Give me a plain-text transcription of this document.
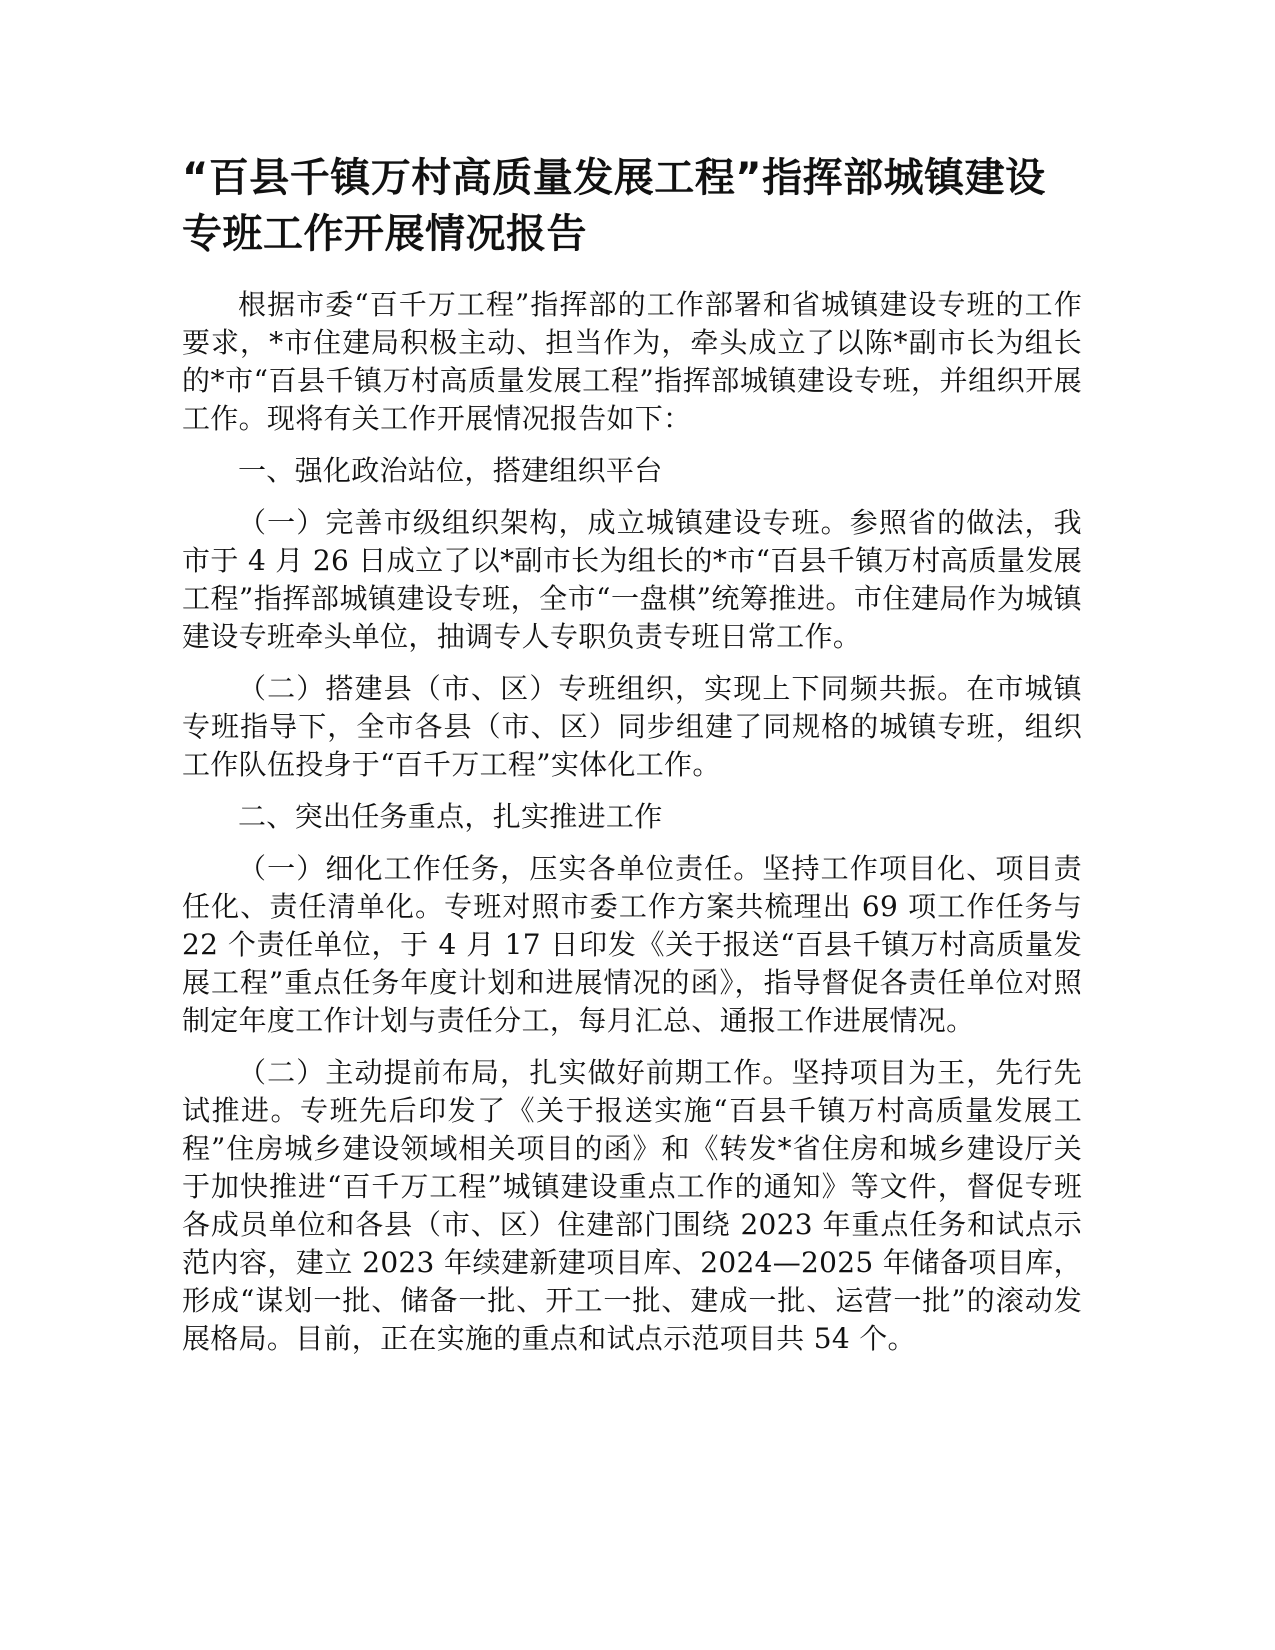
“百县千镇万村高质量发展工程”指挥部城镇建设专班工作开展情况报告

根据市委“百千万工程”指挥部的工作部署和省城镇建设专班的工作要求，*市住建局积极主动、担当作为，牵头成立了以陈*副市长为组长的*市“百县千镇万村高质量发展工程”指挥部城镇建设专班，并组织开展工作。现将有关工作开展情况报告如下：

一、强化政治站位，搭建组织平台

（一）完善市级组织架构，成立城镇建设专班。参照省的做法，我市于 4 月 26 日成立了以*副市长为组长的*市“百县千镇万村高质量发展工程”指挥部城镇建设专班，全市“一盘棋”统筹推进。市住建局作为城镇建设专班牵头单位，抽调专人专职负责专班日常工作。

（二）搭建县（市、区）专班组织，实现上下同频共振。在市城镇专班指导下，全市各县（市、区）同步组建了同规格的城镇专班，组织工作队伍投身于“百千万工程”实体化工作。

二、突出任务重点，扎实推进工作

（一）细化工作任务，压实各单位责任。坚持工作项目化、项目责任化、责任清单化。专班对照市委工作方案共梳理出 69 项工作任务与 22 个责任单位，于 4 月 17 日印发《关于报送“百县千镇万村高质量发展工程”重点任务年度计划和进展情况的函》，指导督促各责任单位对照制定年度工作计划与责任分工，每月汇总、通报工作进展情况。

（二）主动提前布局，扎实做好前期工作。坚持项目为王，先行先试推进。专班先后印发了《关于报送实施“百县千镇万村高质量发展工程”住房城乡建设领域相关项目的函》和《转发*省住房和城乡建设厅关于加快推进“百千万工程”城镇建设重点工作的通知》等文件，督促专班各成员单位和各县（市、区）住建部门围绕 2023 年重点任务和试点示范内容，建立 2023 年续建新建项目库、2024—2025 年储备项目库，形成“谋划一批、储备一批、开工一批、建成一批、运营一批”的滚动发展格局。目前，正在实施的重点和试点示范项目共 54 个。
